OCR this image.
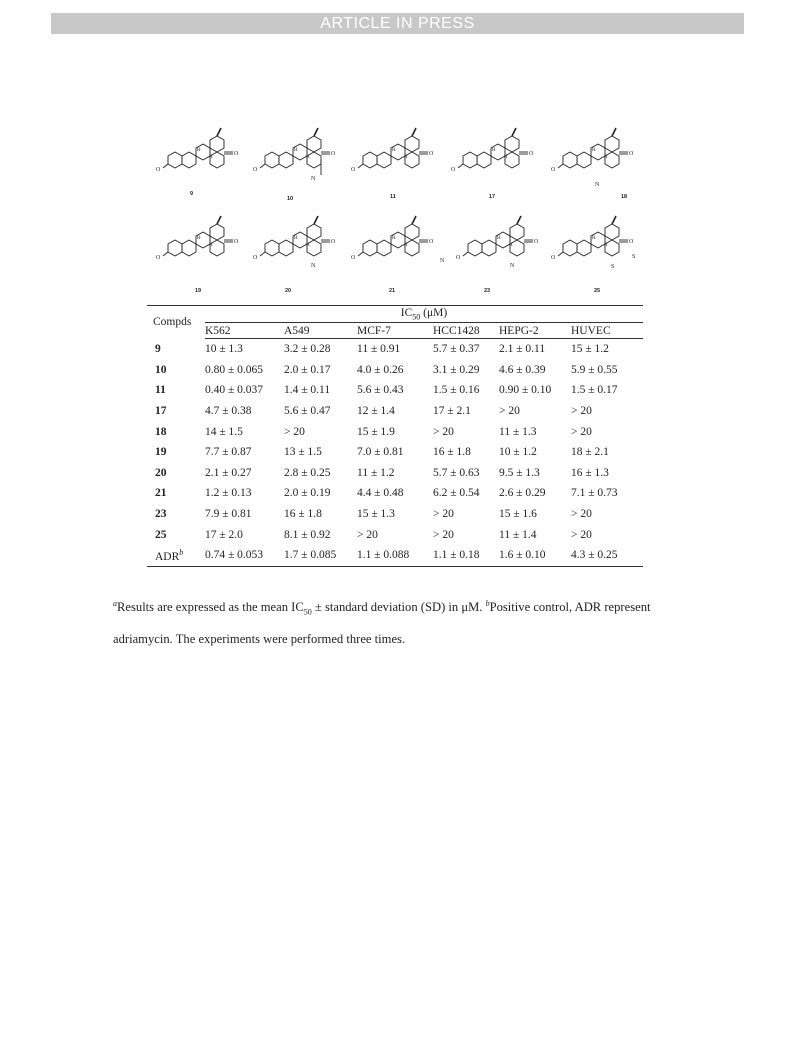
ARTICLE IN PRESS
O
H
H
O
9
N
10	11	17
N
18
19
N
20	21
N
N
23
S
S
25
Compds	$IC_{50}$ (μM)					
	K562	A549	MCF-7	HCC1428	HEPG-2	HUVEC
9	10 ± 1.3	3.2 ± 0.28	11 ± 0.91	5.7 ± 0.37	2.1 ± 0.11	15 ± 1.2
10	0.80 ± 0.065	2.0 ± 0.17	4.0 ± 0.26	3.1 ± 0.29	4.6 ± 0.39	5.9 ± 0.55
11	0.40 ± 0.037	1.4 ± 0.11	5.6 ± 0.43	1.5 ± 0.16	0.90 ± 0.10	1.5 ± 0.17
17	4.7 ± 0.38	5.6 ± 0.47	12 ± 1.4	17 ± 2.1	> 20	> 20
18	14 ± 1.5	> 20	15 ± 1.9	> 20	11 ± 1.3	> 20
19	7.7 ± 0.87	13 ± 1.5	7.0 ± 0.81	16 ± 1.8	10 ± 1.2	18 ± 2.1
20	2.1 ± 0.27	2.8 ± 0.25	11 ± 1.2	5.7 ± 0.63	9.5 ± 1.3	16 ± 1.3
21	1.2 ± 0.13	2.0 ± 0.19	4.4 ± 0.48	6.2 ± 0.54	2.6 ± 0.29	7.1 ± 0.73
23	7.9 ± 0.81	16 ± 1.8	15 ± 1.3	> 20	15 ± 1.6	> 20
25	17 ± 2.0	8.1 ± 0.92	> 20	> 20	11 ± 1.4	> 20
ADR$^b$	0.74 ± 0.053	1.7 ± 0.085	1.1 ± 0.088	1.1 ± 0.18	1.6 ± 0.10	4.3 ± 0.25
$^a$Results are expressed as the mean $IC_{50}$ ± standard deviation (SD) in μM. $^b$Positive control, ADR represent adriamycin. The experiments were performed three times.
